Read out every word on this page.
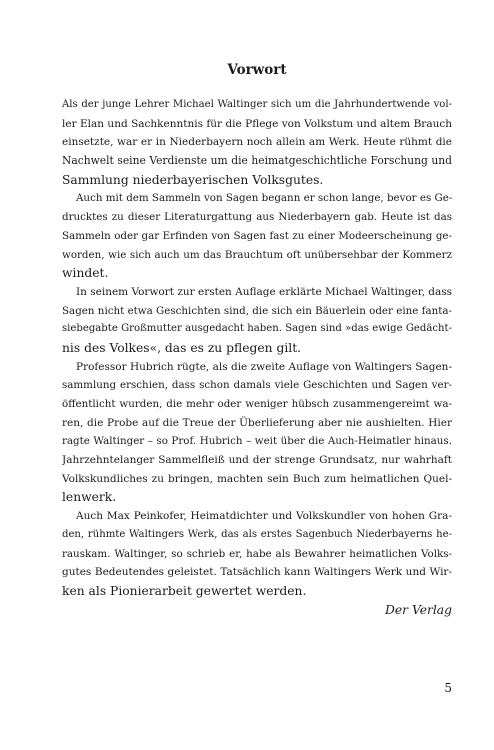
Vorwort
Als der junge Lehrer Michael Waltinger sich um die Jahrhundertwende vol-
ler Elan und Sachkenntnis für die Pflege von Volkstum und altem Brauch
einsetzte, war er in Niederbayern noch allein am Werk. Heute rühmt die
Nachwelt seine Verdienste um die heimatgeschichtliche Forschung und
Sammlung niederbayerischen Volksgutes.
Auch mit dem Sammeln von Sagen begann er schon lange, bevor es Ge-
drucktes zu dieser Literaturgattung aus Niederbayern gab. Heute ist das
Sammeln oder gar Erfinden von Sagen fast zu einer Modeerscheinung ge-
worden, wie sich auch um das Brauchtum oft unübersehbar der Kommerz
windet.
In seinem Vorwort zur ersten Auflage erklärte Michael Waltinger, dass
Sagen nicht etwa Geschichten sind, die sich ein Bäuerlein oder eine fanta-
siebegabte Großmutter ausgedacht haben. Sagen sind »das ewige Gedächt-
nis des Volkes«, das es zu pflegen gilt.
Professor Hubrich rügte, als die zweite Auflage von Waltingers Sagen-
sammlung erschien, dass schon damals viele Geschichten und Sagen ver-
öffentlicht wurden, die mehr oder weniger hübsch zusammengereimt wa-
ren, die Probe auf die Treue der Überlieferung aber nie aushielten. Hier
ragte Waltinger – so Prof. Hubrich – weit über die Auch-Heimatler hinaus.
Jahrzehntelanger Sammelfleiß und der strenge Grundsatz, nur wahrhaft
Volkskundliches zu bringen, machten sein Buch zum heimatlichen Quel-
lenwerk.
Auch Max Peinkofer, Heimatdichter und Volkskundler von hohen Gra-
den, rühmte Waltingers Werk, das als erstes Sagenbuch Niederbayerns he-
rauskam. Waltinger, so schrieb er, habe als Bewahrer heimatlichen Volks-
gutes Bedeutendes geleistet. Tatsächlich kann Waltingers Werk und Wir-
ken als Pionierarbeit gewertet werden.
Der Verlag
5
